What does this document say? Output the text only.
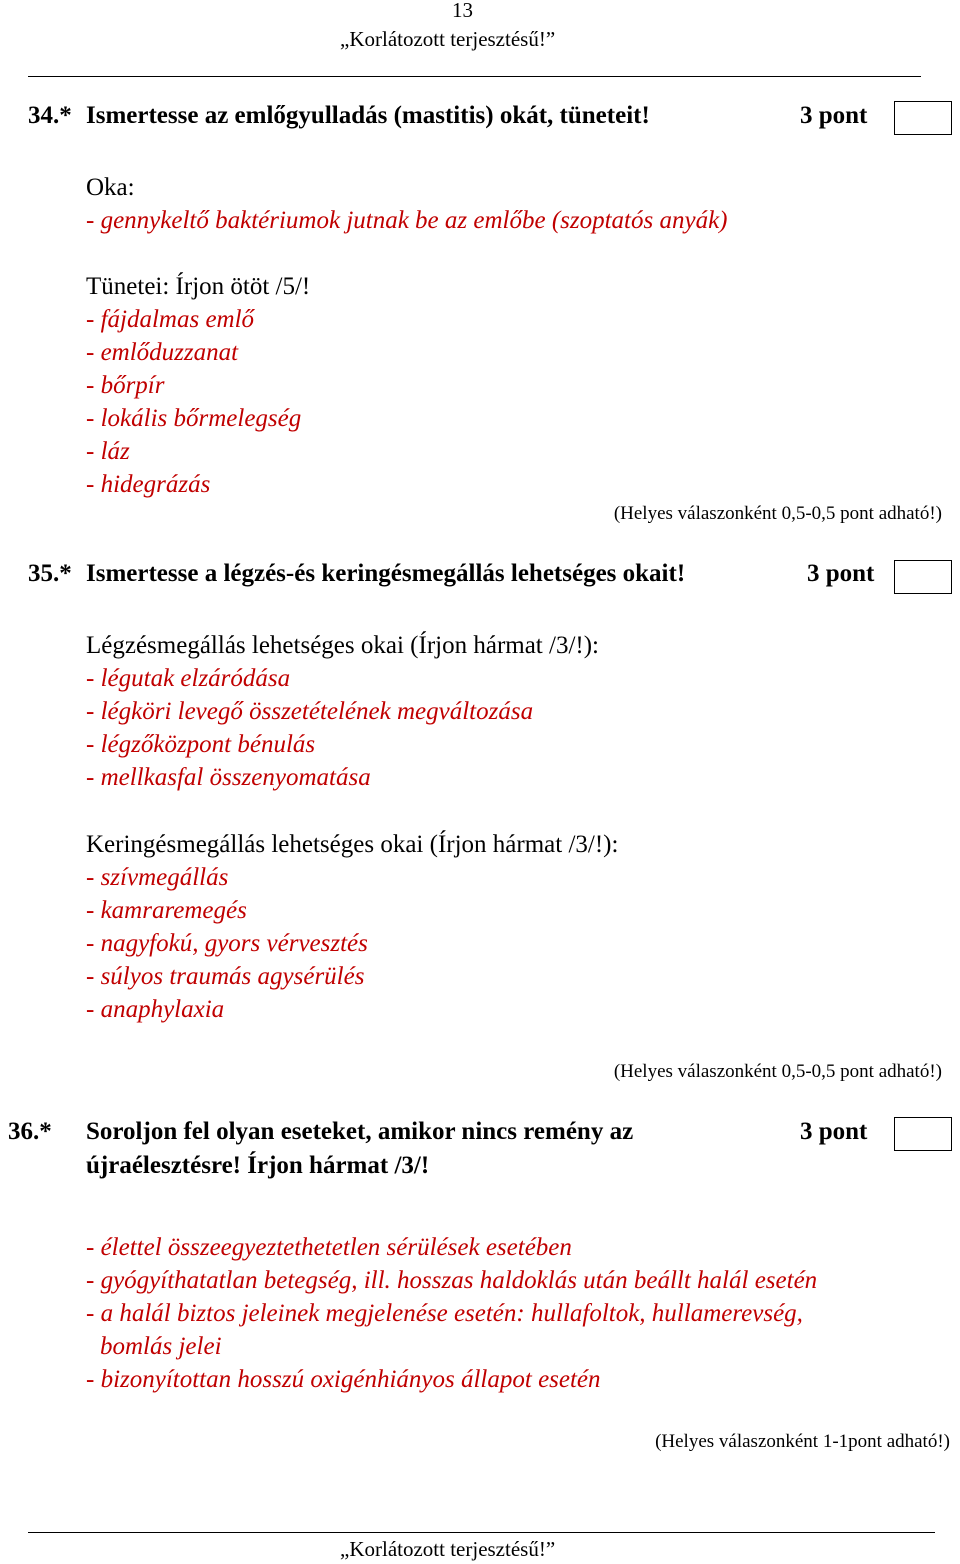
13
„Korlátozott terjesztésű!”
34.* Ismertesse az emlőgyulladás (mastitis) okát, tüneteit!	3 pont
Oka:
- gennykeltő baktériumok jutnak be az emlőbe (szoptatós anyák)
Tünetei: Írjon ötöt /5/!
- fájdalmas emlő
- emlőduzzanat
- bőrpír
- lokális bőrmelegség
- láz
- hidegrázás
(Helyes válaszonként 0,5-0,5 pont adható!)
35.* Ismertesse a légzés-és keringésmegállás lehetséges okait!	3 pont
Légzésmegállás lehetséges okai (Írjon hármat /3/!):
- légutak elzáródása
- légköri levegő összetételének megváltozása
- légzőközpont bénulás
- mellkasfal összenyomatása
Keringésmegállás lehetséges okai (Írjon hármat /3/!):
- szívmegállás
- kamraremegés
- nagyfokú, gyors vérvesztés
- súlyos traumás agysérülés
- anaphylaxia
(Helyes válaszonként 0,5-0,5 pont adható!)
36.* Soroljon fel olyan eseteket, amikor nincs remény az
újraélesztésre! Írjon hármat /3/!
3 pont
- élettel összeegyeztethetetlen sérülések esetében
- gyógyíthatatlan betegség, ill. hosszas haldoklás után beállt halál esetén
- a halál biztos jeleinek megjelenése esetén: hullafoltok, hullamerevség,
bomlás jelei
- bizonyítottan hosszú oxigénhiányos állapot esetén
(Helyes válaszonként 1-1pont adható!)
„Korlátozott terjesztésű!”
